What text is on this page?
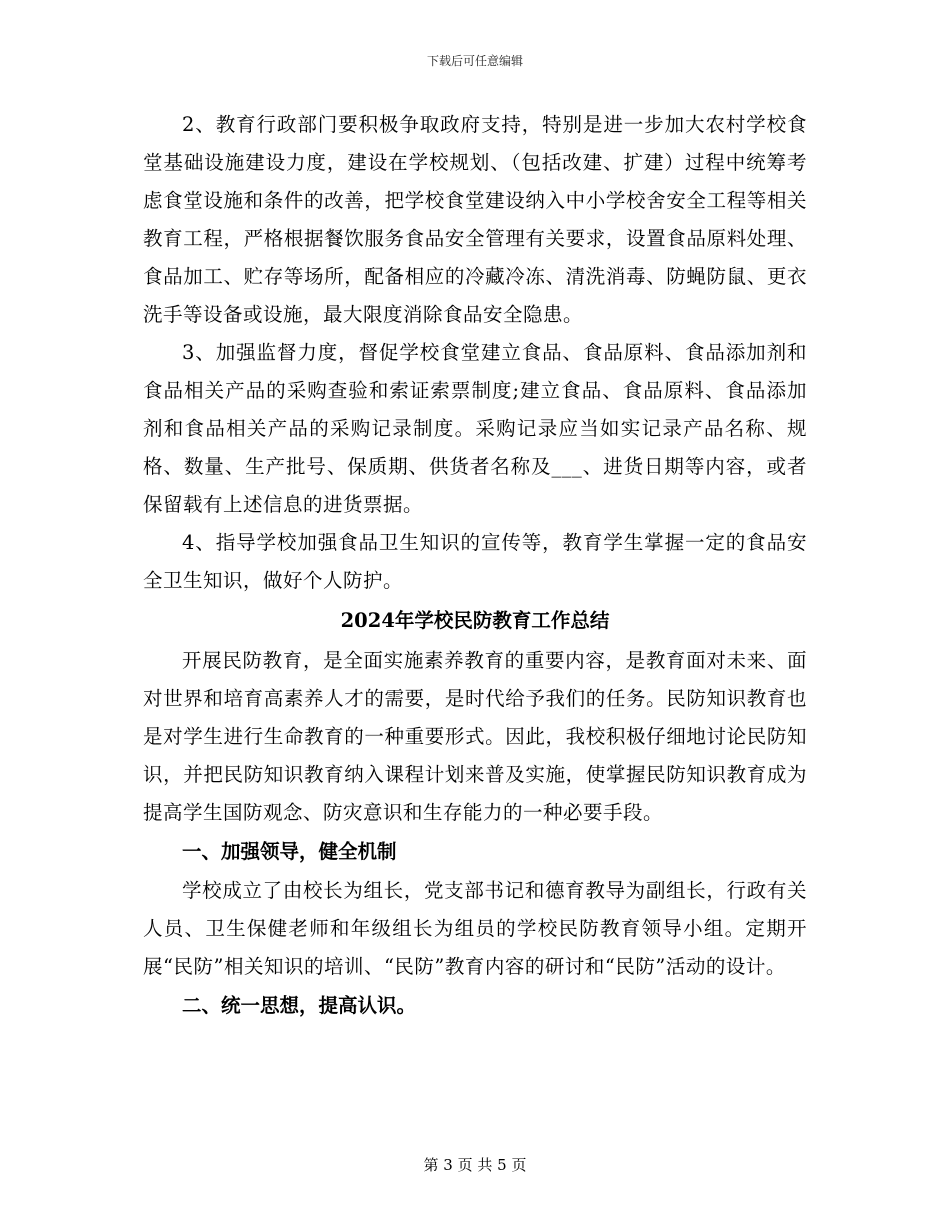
下载后可任意编辑

2、教育行政部门要积极争取政府支持，特别是进一步加大农村学校食堂基础设施建设力度，建设在学校规划、（包括改建、扩建）过程中统筹考虑食堂设施和条件的改善，把学校食堂建设纳入中小学校舍安全工程等相关教育工程，严格根据餐饮服务食品安全管理有关要求，设置食品原料处理、食品加工、贮存等场所，配备相应的冷藏冷冻、清洗消毒、防蝇防鼠、更衣洗手等设备或设施，最大限度消除食品安全隐患。

3、加强监督力度，督促学校食堂建立食品、食品原料、食品添加剂和食品相关产品的采购查验和索证索票制度;建立食品、食品原料、食品添加剂和食品相关产品的采购记录制度。采购记录应当如实记录产品名称、规格、数量、生产批号、保质期、供货者名称及___、进货日期等内容，或者保留载有上述信息的进货票据。

4、指导学校加强食品卫生知识的宣传等，教育学生掌握一定的食品安全卫生知识，做好个人防护。

2024年学校民防教育工作总结

开展民防教育，是全面实施素养教育的重要内容，是教育面对未来、面对世界和培育高素养人才的需要，是时代给予我们的任务。民防知识教育也是对学生进行生命教育的一种重要形式。因此，我校积极仔细地讨论民防知识，并把民防知识教育纳入课程计划来普及实施，使掌握民防知识教育成为提高学生国防观念、防灾意识和生存能力的一种必要手段。

一、加强领导，健全机制

学校成立了由校长为组长，党支部书记和德育教导为副组长，行政有关人员、卫生保健老师和年级组长为组员的学校民防教育领导小组。定期开展“民防”相关知识的培训、“民防”教育内容的研讨和“民防”活动的设计。

二、统一思想，提高认识。
第 3 页 共 5 页
